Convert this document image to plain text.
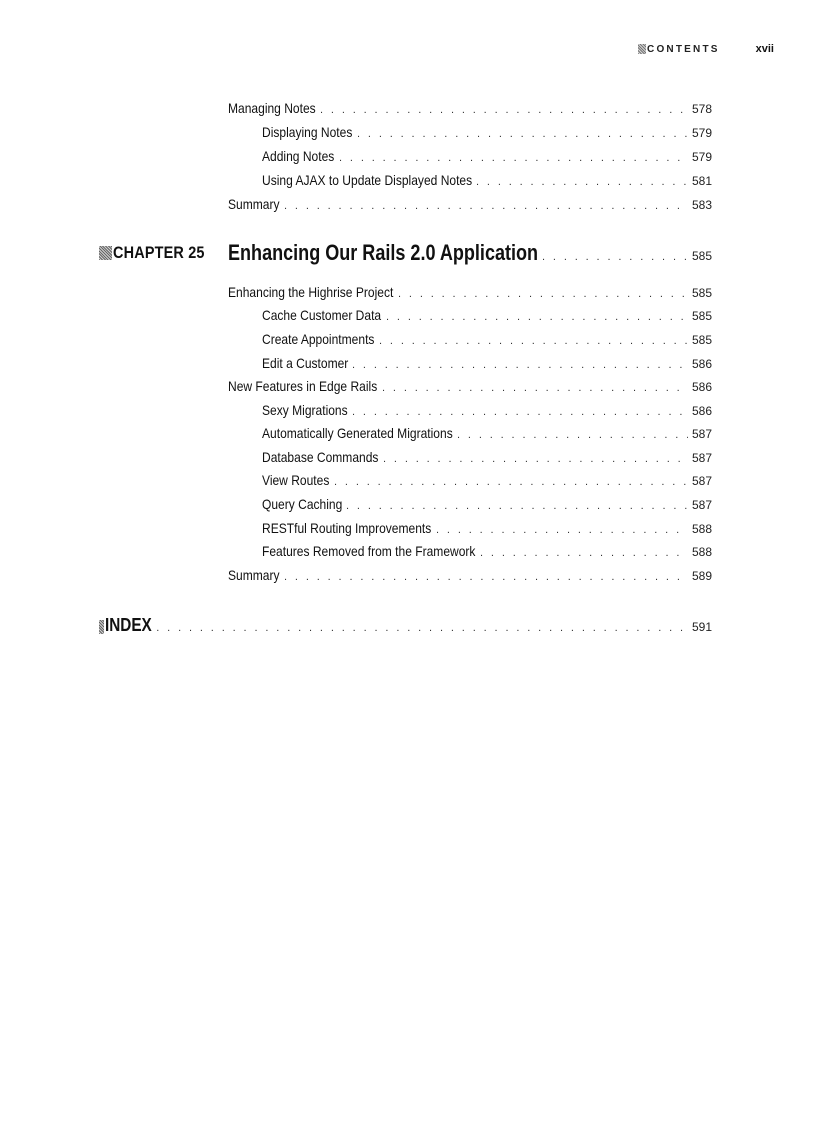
CONTENTS	xvii
Managing Notes . . .	578
Displaying Notes . . .	579
Adding Notes . . .	579
Using AJAX to Update Displayed Notes . . .	581
Summary . . .	583
CHAPTER 25 Enhancing Our Rails 2.0 Application . . .	585
Enhancing the Highrise Project . . .	585
Cache Customer Data . . .	585
Create Appointments . . .	585
Edit a Customer . . .	586
New Features in Edge Rails . . .	586
Sexy Migrations . . .	586
Automatically Generated Migrations . . .	587
Database Commands . . .	587
View Routes . . .	587
Query Caching . . .	587
RESTful Routing Improvements . . .	588
Features Removed from the Framework . . .	588
Summary . . .	589
INDEX . . .	591
